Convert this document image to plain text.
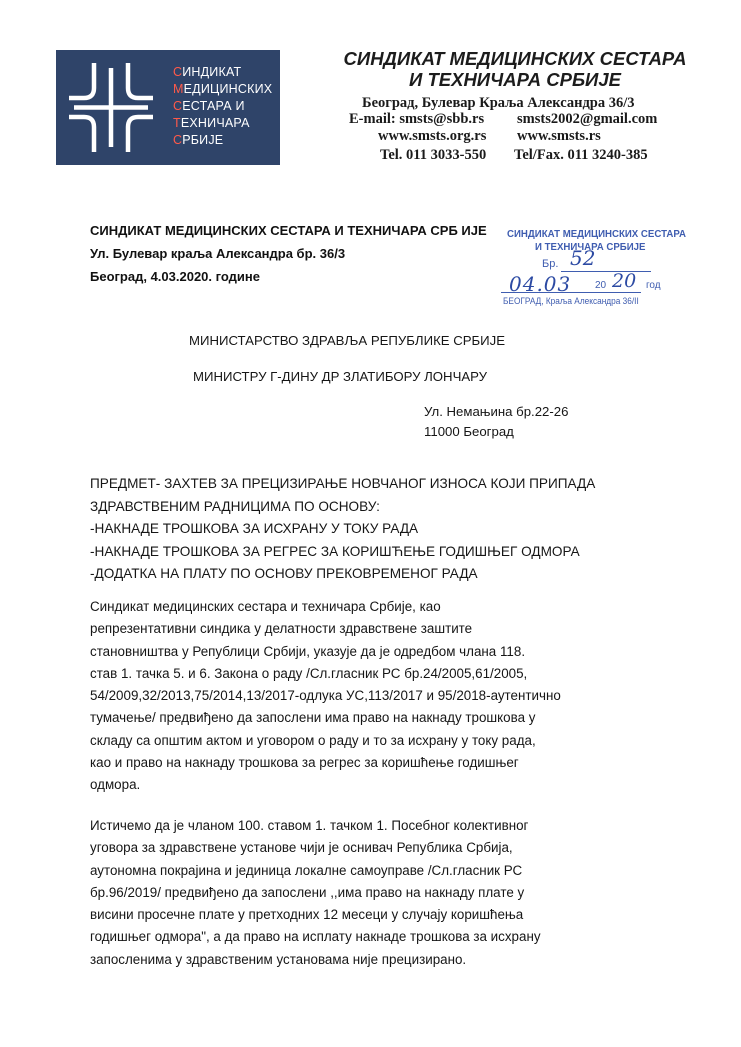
СИНДИКАТ
МЕДИЦИНСКИХ
СЕСТАРА И
ТЕХНИЧАРА
СРБИЈЕ
СИНДИКАТ МЕДИЦИНСКИХ СЕСТАРА
И ТЕХНИЧАРА СРБИЈЕ
Београд, Булевар Краља Александра 36/3
E-mail: smsts@sbb.rs smsts2002@gmail.com
www.smsts.org.rs www.smsts.rs
Tel. 011 3033-550 Tel/Fax. 011 3240-385
СИНДИКАТ МЕДИЦИНСКИХ СЕСТАРА И ТЕХНИЧАРА СРБ ИЈЕ
Ул. Булевар краља Александра бр. 36/3
Београд, 4.03.2020. године
СИНДИКАТ МЕДИЦИНСКИХ СЕСТАРА
И ТЕХНИЧАРА СРБИЈЕ
Бр. 52
04.03 20 20 год
БЕОГРАД, Краља Александра 36/ІІ
МИНИСТАРСТВО ЗДРАВЉА РЕПУБЛИКЕ СРБИЈЕ
МИНИСТРУ Г-ДИНУ ДР ЗЛАТИБОРУ ЛОНЧАРУ
Ул. Немањина бр.22-26
11000 Београд
ПРЕДМЕТ- ЗАХТЕВ ЗА ПРЕЦИЗИРАЊЕ НОВЧАНОГ ИЗНОСА КОЈИ ПРИПАДА
ЗДРАВСТВЕНИМ РАДНИЦИМА ПО ОСНОВУ:
-НАКНАДЕ ТРОШКОВА ЗА ИСХРАНУ У ТОКУ РАДА
-НАКНАДЕ ТРОШКОВА ЗА РЕГРЕС ЗА КОРИШЋЕЊЕ ГОДИШЊЕГ ОДМОРА
-ДОДАТКА НА ПЛАТУ ПО ОСНОВУ ПРЕКОВРЕМЕНОГ РАДА
Синдикат медицинских сестара и техничара Србије, као
репрезентативни синдика у делатности здравствене заштите
становништва у Републици Србији, указује да је одредбом члана 118.
став 1. тачка 5. и 6. Закона о раду /Сл.гласник РС бр.24/2005,61/2005,
54/2009,32/2013,75/2014,13/2017-одлука УС,113/2017 и 95/2018-аутентично
тумачење/ предвиђено да запослени има право на накнаду трошкова у
складу са општим актом и уговором о раду и то за исхрану у току рада,
као и право на накнаду трошкова за регрес за коришћење годишњег
одмора.
Истичемо да је чланом 100. ставом 1. тачком 1. Посебног колективног
уговора за здравствене установе чији је оснивач Република Србија,
аутономна покрајина и јединица локалне самоуправе /Сл.гласник РС
бр.96/2019/ предвиђено да запослени ,,има право на накнаду плате у
висини просечне плате у претходних 12 месеци у случају коришћења
годишњег одмора", а да право на исплату накнаде трошкова за исхрану
запосленима у здравственим установама није прецизирано.
